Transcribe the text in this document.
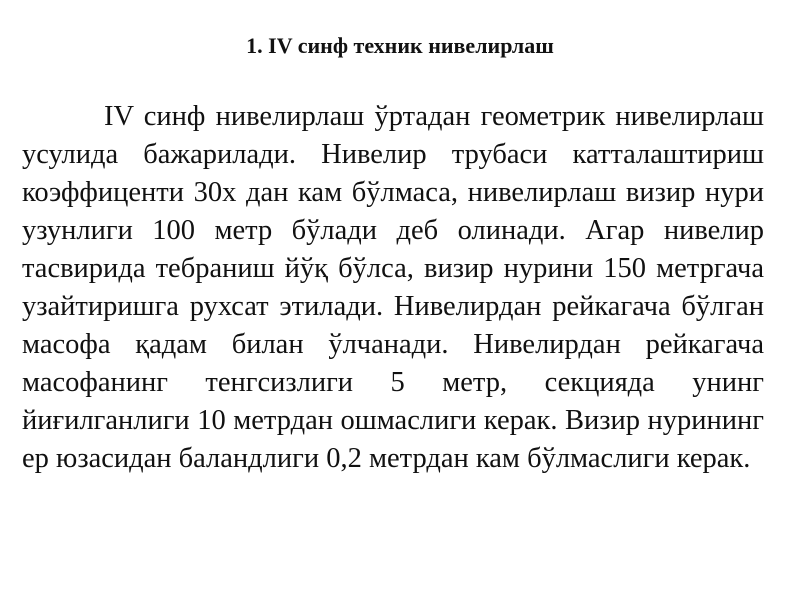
1. IV синф техник нивелирлаш

IV синф нивелирлаш ўртадан геометрик нивелирлаш усулида бажарилади. Нивелир трубаси катталаштириш коэффиценти 30х дан кам бўлмаса, нивелирлаш визир нури узунлиги 100 метр бўлади деб олинади. Агар нивелир тасвирида тебраниш йўқ бўлса, визир нурини 150 метргача узайтиришга рухсат этилади. Нивелирдан рейкагача бўлган масофа қадам билан ўлчанади. Нивелирдан рейкагача масофанинг тенгсизлиги 5 метр, секцияда унинг йиғилганлиги 10 метрдан ошмаслиги керак. Визир нурининг ер юзасидан баландлиги 0,2 метрдан кам бўлмаслиги керак.
